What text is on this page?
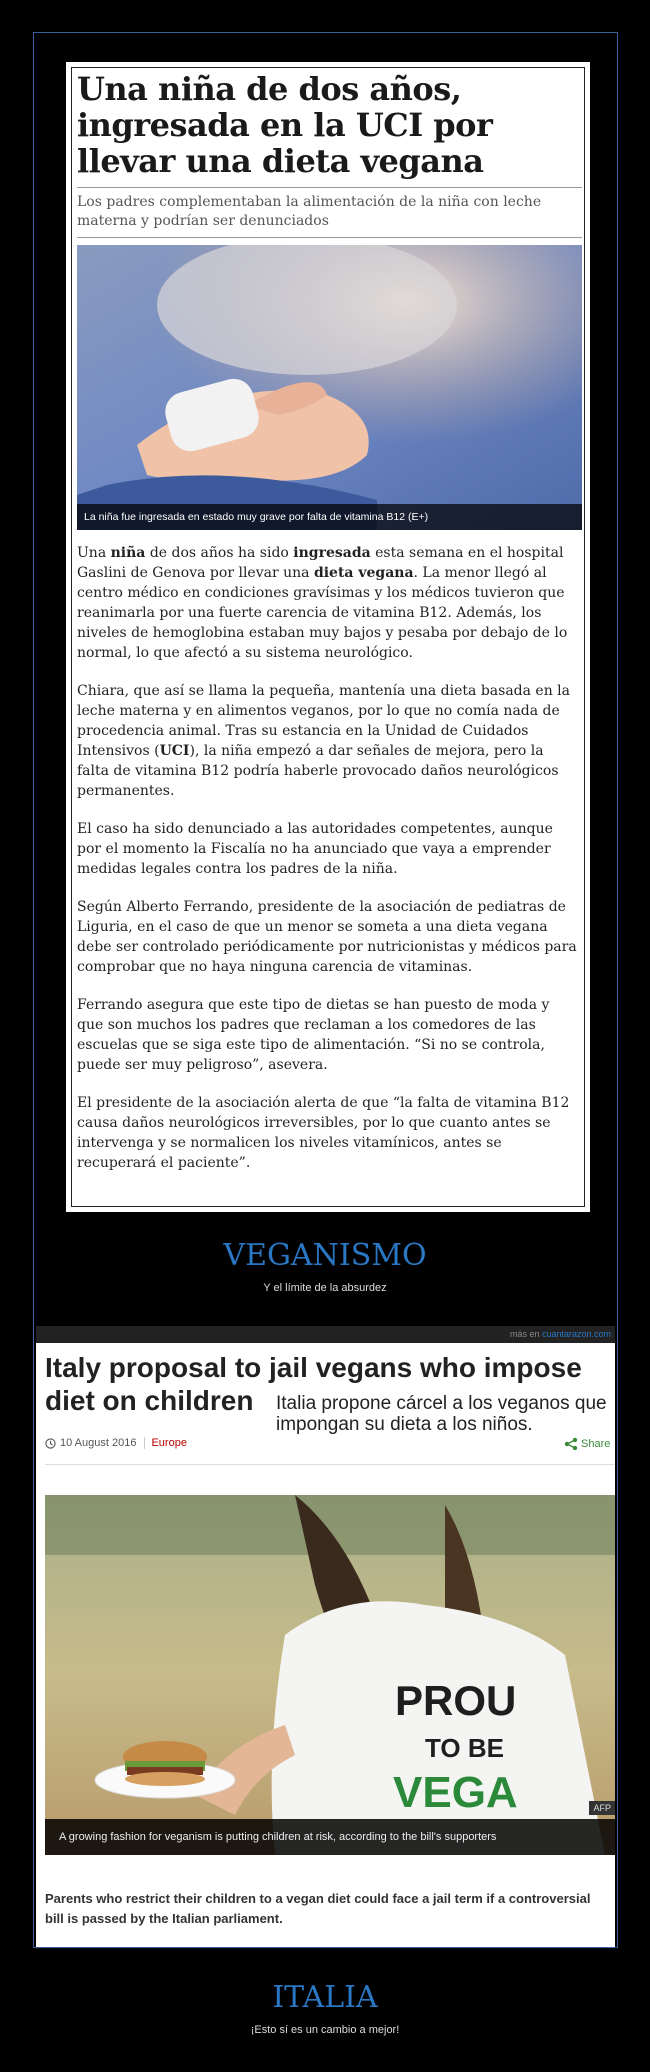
Una niña de dos años, ingresada en la UCI por llevar una dieta vegana

Los padres complementaban la alimentación de la niña con leche materna y podrían ser denunciados

La niña fue ingresada en estado muy grave por falta de vitamina B12 (E+)

Una niña de dos años ha sido ingresada esta semana en el hospital Gaslini de Genova por llevar una dieta vegana. La menor llegó al centro médico en condiciones gravísimas y los médicos tuvieron que reanimarla por una fuerte carencia de vitamina B12. Además, los niveles de hemoglobina estaban muy bajos y pesaba por debajo de lo normal, lo que afectó a su sistema neurológico.

Chiara, que así se llama la pequeña, mantenía una dieta basada en la leche materna y en alimentos veganos, por lo que no comía nada de procedencia animal. Tras su estancia en la Unidad de Cuidados Intensivos (UCI), la niña empezó a dar señales de mejora, pero la falta de vitamina B12 podría haberle provocado daños neurológicos permanentes.

El caso ha sido denunciado a las autoridades competentes, aunque por el momento la Fiscalía no ha anunciado que vaya a emprender medidas legales contra los padres de la niña.

Según Alberto Ferrando, presidente de la asociación de pediatras de Liguria, en el caso de que un menor se someta a una dieta vegana debe ser controlado periódicamente por nutricionistas y médicos para comprobar que no haya ninguna carencia de vitaminas.

Ferrando asegura que este tipo de dietas se han puesto de moda y que son muchos los padres que reclaman a los comedores de las escuelas que se siga este tipo de alimentación. “Si no se controla, puede ser muy peligroso”, asevera.

El presidente de la asociación alerta de que “la falta de vitamina B12 causa daños neurológicos irreversibles, por lo que cuanto antes se intervenga y se normalicen los niveles vitamínicos, antes se recuperará el paciente”.

VEGANISMO
Y el límite de la absurdez
más en cuantarazon.com
Italy proposal to jail vegans who impose diet on children	Italia propone cárcel a los veganos que impongan su dieta a los niños.
10 August 2016	Europe	Share
PROU
TO BE
VEGA	AFP
A growing fashion for veganism is putting children at risk, according to the bill's supporters

Parents who restrict their children to a vegan diet could face a jail term if a controversial bill is passed by the Italian parliament.

ITALIA
¡Esto sí es un cambio a mejor!
